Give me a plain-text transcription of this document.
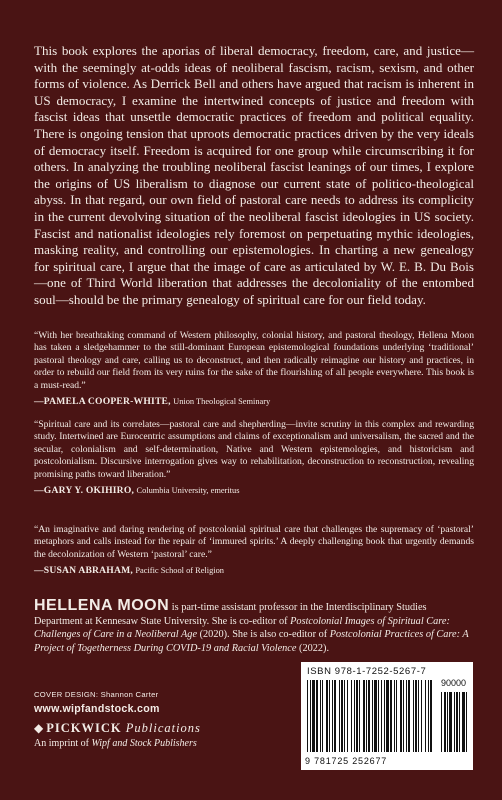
This book explores the aporias of liberal democracy, freedom, care, and justice—with the seemingly at-odds ideas of neoliberal fascism, racism, sexism, and other forms of violence. As Derrick Bell and others have argued that racism is inherent in US democracy, I examine the intertwined concepts of justice and freedom with fascist ideas that unsettle democratic practices of freedom and political equality. There is ongoing tension that uproots democratic practices driven by the very ideals of democracy itself. Freedom is acquired for one group while circumscribing it for others. In analyzing the troubling neoliberal fascist leanings of our times, I explore the origins of US liberalism to diagnose our current state of politico-theological abyss. In that regard, our own field of pastoral care needs to address its complicity in the current devolving situation of the neoliberal fascist ideologies in US society. Fascist and nationalist ideologies rely foremost on perpetuating mythic ideologies, masking reality, and controlling our epistemologies. In charting a new genealogy for spiritual care, I argue that the image of care as articulated by W. E. B. Du Bois—one of Third World liberation that addresses the decoloniality of the entombed soul—should be the primary genealogy of spiritual care for our field today.

“With her breathtaking command of Western philosophy, colonial history, and pastoral theology, Hellena Moon has taken a sledgehammer to the still-dominant European epistemological foundations underlying ‘traditional’ pastoral theology and care, calling us to deconstruct, and then radically reimagine our history and practices, in order to rebuild our field from its very ruins for the sake of the flourishing of all people everywhere. This book is a must-read.”
—PAMELA COOPER-WHITE, Union Theological Seminary

“Spiritual care and its correlates—pastoral care and shepherding—invite scrutiny in this complex and rewarding study. Intertwined are Eurocentric assumptions and claims of exceptionalism and universalism, the sacred and the secular, colonialism and self-determination, Native and Western epistemologies, and historicism and postcolonialism. Discursive interrogation gives way to rehabilitation, deconstruction to reconstruction, revealing promising paths toward liberation.”
—GARY Y. OKIHIRO, Columbia University, emeritus

“An imaginative and daring rendering of postcolonial spiritual care that challenges the supremacy of ‘pastoral’ metaphors and calls instead for the repair of ‘immured spirits.’ A deeply challenging book that urgently demands the decolonization of Western ‘pastoral’ care.”
—SUSAN ABRAHAM, Pacific School of Religion

HELLENA MOON is part-time assistant professor in the Interdisciplinary Studies Department at Kennesaw State University. She is co-editor of Postcolonial Images of Spiritual Care: Challenges of Care in a Neoliberal Age (2020). She is also co-editor of Postcolonial Practices of Care: A Project of Togetherness During COVID-19 and Racial Violence (2022).

COVER DESIGN: Shannon Carter
www.wipfandstock.com
◆ PICKWICK Publications
An imprint of Wipf and Stock Publishers
ISBN 978-1-7252-5267-7
90000
9 781725 252677
